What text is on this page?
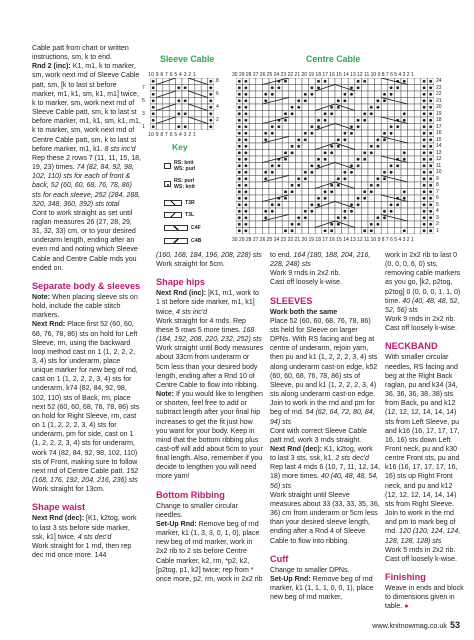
Cable patt from chart or written instructions, sm, k to end.

Rnd 2 (inc): K1, m1, k to marker, sm, work next rnd of Sleeve Cable patt, sm, [k to last st before marker, m1, k1, sm, k1, m1] twice, k to marker, sm, work next rnd of Sleeve Cable patt, sm, k to last st before marker, m1, k1, sm, k1, m1, k to marker, sm, work next rnd of Centre Cable patt, sm, k to last st before marker, m1, k1. 8 sts inc'd

Rep these 2 rows 7 (11, 11, 15, 18, 19, 23) times. 74 (82, 84, 92, 98, 102, 110) sts for each of front & back, 52 (60, 60, 68, 76, 78, 86) sts for each sleeve, 252 (284, 288, 320, 348, 360, 392) sts total

Cont to work straight as set until raglan measures 26 (27, 28, 29, 31, 32, 33) cm, or to your desired underarm length, ending after an even rnd and noting which Sleeve Cable and Centre Cable rnds you ended on.

Separate body & sleeves

Note: When placing sleeve sts on hold, include the cable stitch markers.

Next Rnd: Place first 52 (60, 60, 68, 76, 78, 86) sts on hold for Left Sleeve, rm, using the backward loop method cast on 1 (1, 2, 2, 2, 3, 4) sts for underarm, place unique marker for new beg of rnd, cast on 1 (1, 2, 2, 2, 3, 4) sts for underarm, k74 (82, 84, 92, 98, 102, 110) sts of Back, rm, place next 52 (60, 60, 68, 76, 78, 86) sts on hold for Right Sleeve, rm, cast on 1 (1, 2, 2, 2, 3, 4) sts for underarm, pm for side, cast on 1 (1, 2, 2, 2, 3, 4) sts for underarm, work 74 (82, 84, 92, 98, 102, 110) sts of Front, making sure to follow next rnd of Centre Cable patt. 152 (168, 176, 192, 204, 216, 236) sts

Work straight for 13cm.

Shape waist

Next Rnd (dec): [K1, k2tog, work to last 3 sts before side marker, ssk, k1] twice. 4 sts dec'd

Work straight for 1 rnd, then rep dec rnd once more. 144

Sleeve Cable
10 9 8 7 6 5 4 3 2 1
10 9 8 7 6 5 4 3 2 1
7
5
3
1
8
6
4
2
Key
RS: knit
WS: purl
RS: purl
WS: knit
T3R
T3L
C4F
C4B
Centre Cable
30 29 28 27 26 25 24 23 22 21 20 19 18 17 16 15 14 13 12 11 10 9 8 7 6 5 4 3 2 1
30 29 28 27 26 25 24 23 22 21 20 19 18 17 16 15 14 13 12 11 10 9 8 7 6 5 4 3 2 1
24
23
22
21
20
19
18
17
16
15
14
13
12
11
10
9
8
7
6
5
4
3
2
1

(160, 168, 184, 196, 208, 228) sts

Work straight for 5cm.

Shape hips

Next Rnd (inc): [K1, m1, work to 1 st before side marker, m1, k1] twice, 4 sts inc'd

Work straight for 4 rnds. Rep these 5 rows 5 more times. 168 (184, 192, 208, 220, 232, 252) sts

Work straight until Body measures about 33cm from underarm or 5cm less than your desired body length, ending after a Rnd 10 of Centre Cable to flow into ribbing.

Note: If you would like to lengthen or shorten, feel free to add or subtract length after your final hip increases to get the fit just how you want for your body. Keep in mind that the bottom ribbing plus cast-off will add about 5cm to your final length. Also, remember if you decide to lengthen you will need more yarn!

Bottom Ribbing

Change to smaller circular needles.

Set-Up Rnd: Remove beg of rnd marker, k1 (1, 3, 3, 0, 1, 0), place new beg of rnd marker, work in 2x2 rib to 2 sts before Centre Cable marker, k2, rm, *p2, k2, [p2tog, p1, k2] twice; rep from * once more, p2, rm, work in 2x2 rib

to end. 164 (180, 188, 204, 216, 228, 248) sts

Work 9 rnds in 2x2 rib.

Cast off loosely k-wise.

SLEEVES

Work both the same
Place 52 (60, 60, 68, 76, 78, 86) sts held for Sleeve on larger DPNs. With RS facing and beg at centre of underarm, rejoin yarn, then pu and k1 (1, 2, 2, 2, 3, 4) sts along underarm cast-on edge, k52 (60, 60, 68, 76, 78, 86) sts of Sleeve, pu and k1 (1, 2, 2, 2, 3, 4) sts along underarm cast-on edge. Join to work in the rnd and pm for beg of rnd. 54 (62, 64, 72, 80, 84, 94) sts

Cont with correct Sleeve Cable patt rnd, work 3 rnds straight.

Next Rnd (dec): K1, k2tog, work to last 3 sts, ssk, k1. 2 sts dec'd

Rep last 4 rnds 6 (10, 7, 11, 12, 14, 18) more times. 40 (40, 48, 48, 54, 56) sts

Work straight until Sleeve measures about 33 (33, 33, 35, 36, 36) cm from underarm or 5cm less than your desired sleeve length, ending after a Rnd 4 of Sleeve Cable to flow into ribbing.

Cuff

Change to smaller DPNs.

Set-Up Rnd: Remove beg of rnd marker, k1 (1, 1, 1, 0, 0, 1), place new beg of rnd marker,

work in 2x2 rib to last 0 (0, 0, 0, 6, 0) sts, removing cable markers as you go, [k2, p2tog, p2tog] 0 (0, 0, 0, 1, 1, 0) time. 40 (40, 48, 48, 52, 52, 56) sts

Work 9 rnds in 2x2 rib.

Cast off loosely k-wise.

NECKBAND

With smaller circular needles, RS facing and beg at the Right Back raglan, pu and k34 (34, 36, 36, 36, 38, 38) sts from Back, pu and k12 (12, 12, 12, 14, 14, 14) sts from Left Sleeve, pu and k16 (16, 17, 17, 17, 16, 16) sts down Left Front neck, pu and k30 centre Front sts, pu and k16 (16, 17, 17, 17, 16, 16) sts up Right Front neck, and pu and k12 (12, 12, 12, 14, 14, 14) sts from Right Sleeve. Join to work in the rnd and pm to mark beg of rnd. 120 (120, 124, 124, 128, 128, 128) sts

Work 5 rnds in 2x2 rib.

Cast off loosely k-wise.

Finishing

Weave in ends and block to dimensions given in table. ●

www.knitnowmag.co.uk 53
